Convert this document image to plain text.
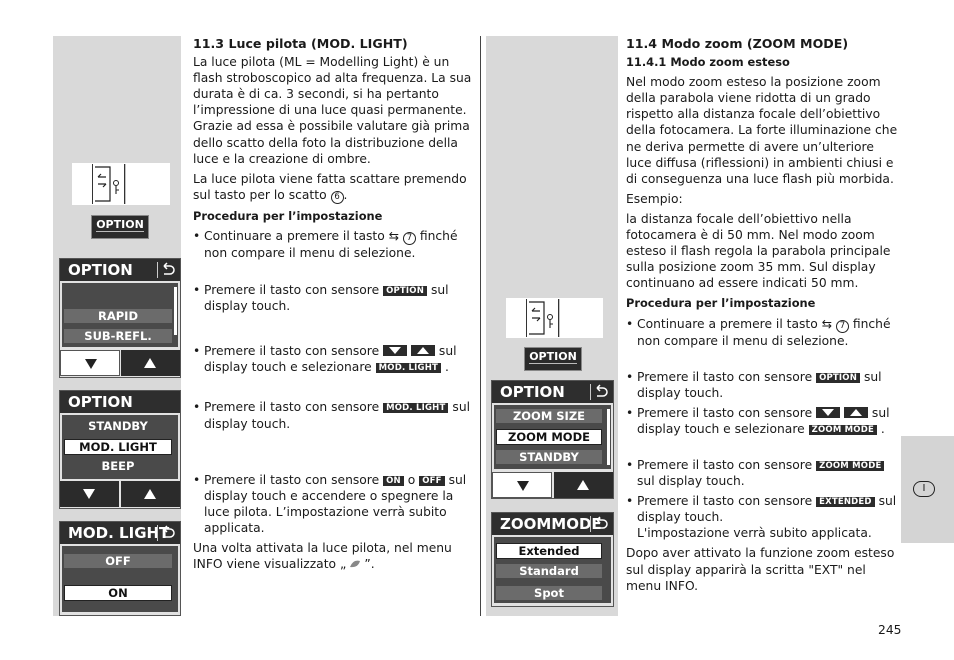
OPTION
OPTION
RAPID
SUB-REFL.
OPTION
STANDBY
MOD. LIGHT
BEEP
MOD. LIGHT
OFF
ON
11.3 Luce pilota (MOD. LIGHT)

La luce pilota (ML = Modelling Light) è un flash stroboscopico ad alta frequenza. La sua durata è di ca. 3 secondi, si ha pertanto l’impressione di una luce quasi permanente. Grazie ad essa è possibile valutare già prima dello scatto della foto la distribuzione della luce e la creazione di ombre.

La luce pilota viene fatta scattare premendo sul tasto per lo scatto 6 .

Procedura per l’impostazione
• Continuare a premere il tasto ⇆ 7 finché non compare il menu di selezione.
• Premere il tasto con sensore OPTION sul display touch.
• Premere il tasto con sensore
	sul display touch e selezionare MOD. LIGHT .
• Premere il tasto con sensore MOD. LIGHT sul display touch.
• Premere il tasto con sensore ON o OFF sul display touch e accendere o spegnere la luce pilota. L’impostazione verrà subito applicata.

Una volta attivata la luce pilota, nel menu INFO viene visualizzato „ ”.

OPTION
OPTION
ZOOM SIZE
ZOOM MODE
STANDBY
ZOOMMODE
Extended
Standard
Spot
11.4 Modo zoom (ZOOM MODE)
11.4.1 Modo zoom esteso

Nel modo zoom esteso la posizione zoom della parabola viene ridotta di un grado rispetto alla distanza focale dell’obiettivo della fotocamera. La forte illuminazione che ne deriva permette di avere un’ulteriore luce diffusa (riflessioni) in ambienti chiusi e di conseguenza una luce flash più morbida.

Esempio:

la distanza focale dell’obiettivo nella fotocamera è di 50 mm. Nel modo zoom esteso il flash regola la parabola principale sulla posizione zoom 35 mm. Sul display continuano ad essere indicati 50 mm.

Procedura per l’impostazione
• Continuare a premere il tasto ⇆ 7 finché non compare il menu di selezione.
• Premere il tasto con sensore OPTION sul display touch.
• Premere il tasto con sensore
	sul display touch e selezionare ZOOM MODE .
• Premere il tasto con sensore ZOOM MODE sul display touch.
• Premere il tasto con sensore EXTENDED sul display touch.
L'impostazione verrà subito applicata.

Dopo aver attivato la funzione zoom esteso sul display apparirà la scritta "EXT" nel menu INFO.

I
245
